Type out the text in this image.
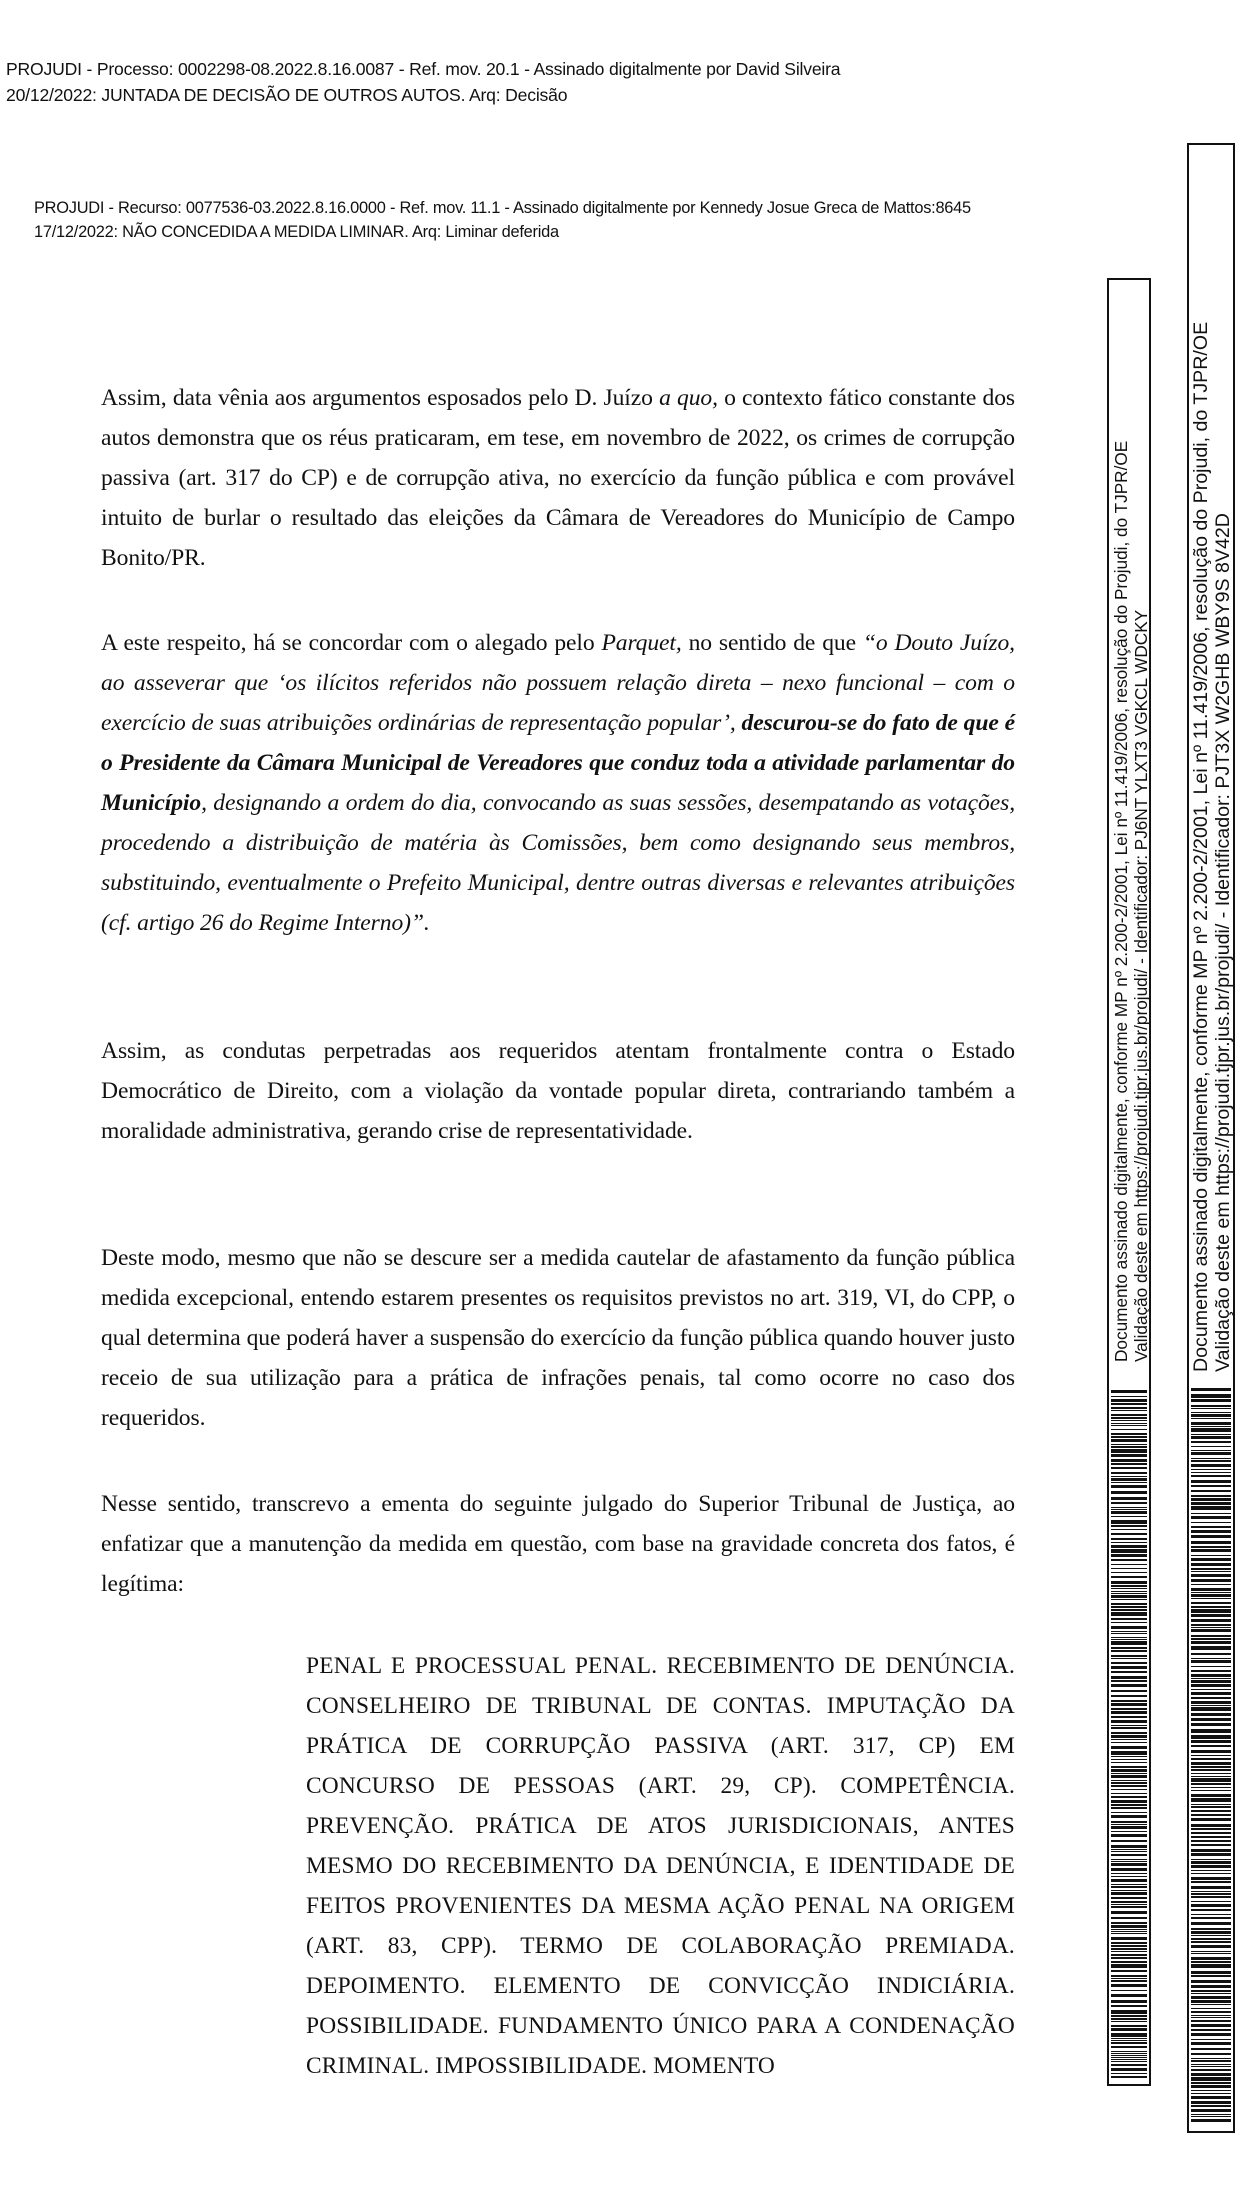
PROJUDI - Processo: 0002298-08.2022.8.16.0087 - Ref. mov. 20.1 - Assinado digitalmente por David Silveira
20/12/2022: JUNTADA DE DECISÃO DE OUTROS AUTOS. Arq: Decisão
PROJUDI - Recurso: 0077536-03.2022.8.16.0000 - Ref. mov. 11.1 - Assinado digitalmente por Kennedy Josue Greca de Mattos:8645
17/12/2022: NÃO CONCEDIDA A MEDIDA LIMINAR. Arq: Liminar deferida

Assim, data vênia aos argumentos esposados pelo D. Juízo a quo, o contexto fático constante dos autos demonstra que os réus praticaram, em tese, em novembro de 2022, os crimes de corrupção passiva (art. 317 do CP) e de corrupção ativa, no exercício da função pública e com provável intuito de burlar o resultado das eleições da Câmara de Vereadores do Município de Campo Bonito/PR.

A este respeito, há se concordar com o alegado pelo Parquet, no sentido de que “o Douto Juízo, ao asseverar que ‘os ilícitos referidos não possuem relação direta – nexo funcional – com o exercício de suas atribuições ordinárias de representação popular’, descurou-se do fato de que é o Presidente da Câmara Municipal de Vereadores que conduz toda a atividade parlamentar do Município, designando a ordem do dia, convocando as suas sessões, desempatando as votações, procedendo a distribuição de matéria às Comissões, bem como designando seus membros, substituindo, eventualmente o Prefeito Municipal, dentre outras diversas e relevantes atribuições (cf. artigo 26 do Regime Interno)”.

Assim, as condutas perpetradas aos requeridos atentam frontalmente contra o Estado Democrático de Direito, com a violação da vontade popular direta, contrariando também a moralidade administrativa, gerando crise de representatividade.

Deste modo, mesmo que não se descure ser a medida cautelar de afastamento da função pública medida excepcional, entendo estarem presentes os requisitos previstos no art. 319, VI, do CPP, o qual determina que poderá haver a suspensão do exercício da função pública quando houver justo receio de sua utilização para a prática de infrações penais, tal como ocorre no caso dos requeridos.

Nesse sentido, transcrevo a ementa do seguinte julgado do Superior Tribunal de Justiça, ao enfatizar que a manutenção da medida em questão, com base na gravidade concreta dos fatos, é legítima:

PENAL E PROCESSUAL PENAL. RECEBIMENTO DE DENÚNCIA. CONSELHEIRO DE TRIBUNAL DE CONTAS. IMPUTAÇÃO DA PRÁTICA DE CORRUPÇÃO PASSIVA (ART. 317, CP) EM CONCURSO DE PESSOAS (ART. 29, CP). COMPETÊNCIA. PREVENÇÃO. PRÁTICA DE ATOS JURISDICIONAIS, ANTES MESMO DO RECEBIMENTO DA DENÚNCIA, E IDENTIDADE DE FEITOS PROVENIENTES DA MESMA AÇÃO PENAL NA ORIGEM (ART. 83, CPP). TERMO DE COLABORAÇÃO PREMIADA. DEPOIMENTO. ELEMENTO DE CONVICÇÃO INDICIÁRIA. POSSIBILIDADE. FUNDAMENTO ÚNICO PARA A CONDENAÇÃO CRIMINAL. IMPOSSIBILIDADE. MOMENTO

Documento assinado digitalmente, conforme MP nº 2.200-2/2001, Lei nº 11.419/2006, resolução do Projudi, do TJPR/OE Validação deste em https://projudi.tjpr.jus.br/projudi/ - Identificador: PJ6NT YLXT3 VGKCL WDCKY Documento assinado digitalmente, conforme MP nº 2.200-2/2001, Lei nº 11.419/2006, resolução do Projudi, do TJPR/OE Validação deste em https://projudi.tjpr.jus.br/projudi/ - Identificador: PJT3X W2GHB WBY9S 8V42D
